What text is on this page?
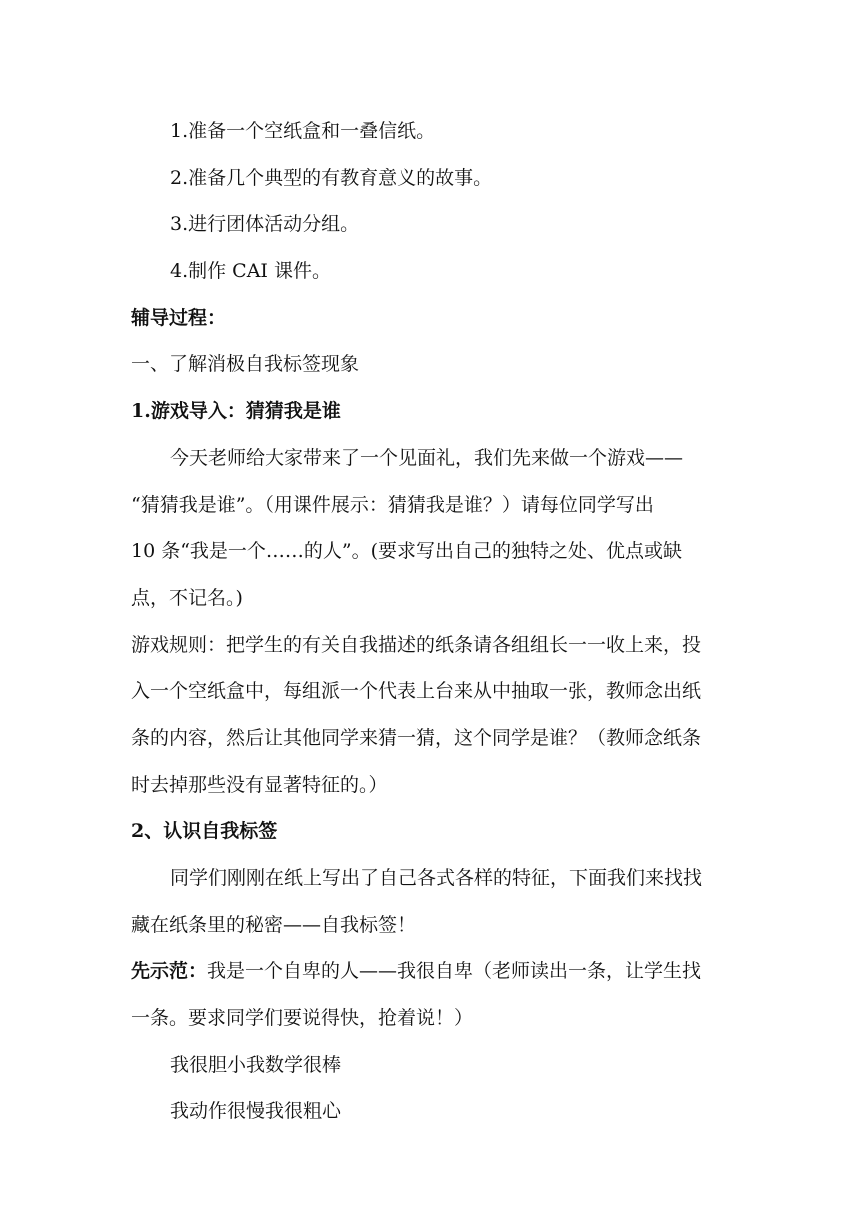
1.准备一个空纸盒和一叠信纸。
2.准备几个典型的有教育意义的故事。
3.进行团体活动分组。
4.制作 CAI 课件。
辅导过程：
一、了解消极自我标签现象
1.游戏导入：猜猜我是谁
今天老师给大家带来了一个见面礼，我们先来做一个游戏——
“猜猜我是谁”。（用课件展示：猜猜我是谁？）请每位同学写出
10 条“我是一个……的人”。(要求写出自己的独特之处、优点或缺
点，不记名。)
游戏规则：把学生的有关自我描述的纸条请各组组长一一收上来，投
入一个空纸盒中，每组派一个代表上台来从中抽取一张，教师念出纸
条的内容，然后让其他同学来猜一猜，这个同学是谁？（教师念纸条
时去掉那些没有显著特征的。）
2、认识自我标签
同学们刚刚在纸上写出了自己各式各样的特征，下面我们来找找
藏在纸条里的秘密——自我标签！
先示范：我是一个自卑的人——我很自卑（老师读出一条，让学生找
一条。要求同学们要说得快，抢着说！）
我很胆小我数学很棒
我动作很慢我很粗心
